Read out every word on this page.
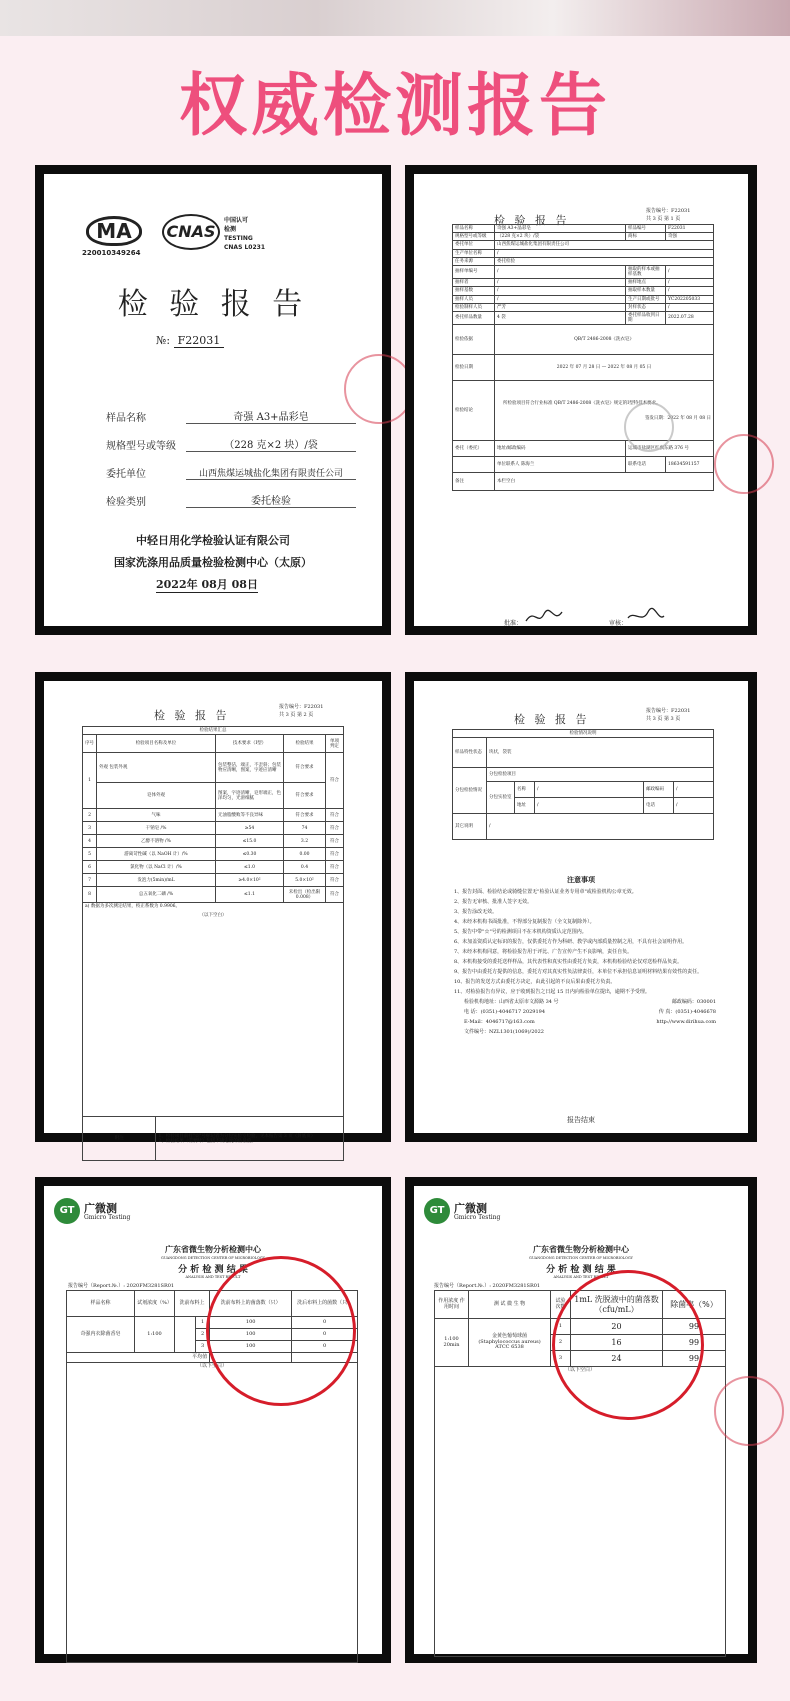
权威检测报告
MA
220010349264
CNAS
中国认可
检测
TESTING
CNAS L0231
检 验 报 告
№: F22031
样品名称	奇强 A3+晶彩皂
规格型号或等级	（228 克×2 块）/袋
委托单位	山西焦煤运城盐化集团有限责任公司
检验类别	委托检验
中轻日用化学检验认证有限公司
国家洗涤用品质量检验检测中心（太原）
2022年 08月 08日
检 验 报 告
报告编号：F22031
共 3 页 第 1 页
样品名称	奇强 A3+晶彩皂	样品编号	F22031
规格型号或等级	（228 克×2 块）/袋	商标	奇强
委托单位	山西焦煤运城盐化集团有限责任公司		
生产单位名称	/		
任务来源	委托检验		
抽样单编号	/	抽取的样本或抽样基数	/
抽样者	/	抽样地点	/
抽样基数	/	抽取样本数量	/
抽样人员	/	生产日期或批号	YC202205033
检验制样人员	严芳	封样状态	/
委托样品数量	4 袋	委托样品收到日期	2022.07.28
检验依据	QB/T 2486-2008《洗衣皂》		
检验日期	2022 年 07 月 28 日 — 2022 年 08 月 05 日		
检验结论	所检验项目符合行业标准 QB/T 2486-2008《洗衣皂》规定的Ⅰ型特技术要求。
签发日期：2022 年 08 月 08 日		

委托（委托）	地址/邮政编码	运城市盐湖区红旗东路 376 号	
	单位联系人 陈海兰	联系电话	18634591157
备注	本栏空白		
批准：	审核：
检 验 报 告
报告编号：F22031
共 3 页 第 2 页
检验结果汇总					
序号	检验项目名称及单位		技术要求（Ⅰ型）	检验结果	单项判定
1	外观 包装外观		包装整洁，端正，不歪斜；包装物应清晰，图案，字迹应清晰	符合要求	符合
	皂体外观		图案，字迹清晰，皂形端正，色泽均匀，光滑细腻	符合要求	
2	气味		无油脂酸败等不良异味	符合要求	符合
3	干钠皂 /%		≥54	74	符合
4	乙醇不溶物 /%		≤15.0	3.2	符合
5	游离苛性碱（以 NaOH 计）/%		≤0.30	0.00	符合
6	氯化物（以 NaCl 计）/%		≤1.0	0.4	符合
7	发泡力(5min)/mL		≥4.0×10²	5.0×10²	符合
8	总五氧化二磷 /%		≤1.1	未检出（检出限 0.008）	符合

a) 数据为多次测定结果，校正系数为 0.9906。
（以下空白）					

附注		1、检验项目前打"☆"号标记者为分包实验室检验，见本报告第 3 页（封底页）
2、检验结果（需要时）包括不确定度的估量值。			
检 验 报 告
报告编号：F22031
共 3 页 第 3 页
检验情况说明					
样品特性状态	块状，袋装				
分包检验情况	分包检验项目				
	分包实验室	名称	/	邮政编码	/
		地址	/	电话	/
其它说明	/				
注意事项
1、报告封面、检验结论或骑缝位置无"检验认证业务专用章"或检验机构公章无效。
2、报告无审核、批准人签字无效。
3、报告涂改无效。
4、未经本机构书面批准，不得部分复制报告（全文复制除外）。
5、报告中带"☆"号的检测项目不在本机构资质认定范围内。
6、未加盖资质认定标识的报告，仅供委托方作为科研、教学或内部质量控制之用，不具有社会证明作用。
7、未经本机构同意，将检验报告用于评比、广告宣传产生不良影响，责任自负。
8、本机构接受的委托送样样品，其代表性和真实性由委托方负责，本机构检验结论仅对送检样品负责。
9、报告中由委托方提供的信息，委托方对其真实性负法律责任，本单位不承担信息证明材料结果有效性的责任。
10、报告的发送方式由委托方决定，由此引起的不良后果由委托方负责。
11、对检验报告有异议，应于收到报告之日起 15 日内向检验单位提出，逾期不予受理。
检验机构地址：山西省太原市文源路 34 号	邮政编码：030001
电 话：(0351)-4046717 2029194	传 真：(0351)-4046678
E-Mail：4046717@163.com	http://www.dirihua.com
文件编号：NZL1301(1069)/2022
报告结束
GT 广微测
Gmicro Testing
广东省微生物分析检测中心
GUANGDONG DETECTION CENTER OF MICROBIOLOGY
分 析 检 测 结 果
ANALYSIS AND TEST RESULT
报告编号（Report.№.）: 2020FM3281SR01
样品名称	试剂浓度（%）	洗前布料上		洗前布料上的菌落数（只）	洗后布料上的菌数（只）
奇强内衣除菌香皂	1:100		1	100	0
			2	100	0
			3	100	0
平均值					
（以下空白）					
GT 广微测
Gmicro Testing
广东省微生物分析检测中心
GUANGDONG DETECTION CENTER OF MICROBIOLOGY
分 析 检 测 结 果
ANALYSIS AND TEST RESULT
报告编号（Report.№.）: 2020FM3281SR01
作用浓度 作用时间	测 试 微 生 物	试验 次数	1mL 洗脱液中的菌落数（cfu/mL）	除菌率（%）
1:100 20min	金黄色葡萄球菌 (Staphylococcus aureus) ATCC 6538	1	20	99
		2	16	99
		3	24	99
（以下空白）				
